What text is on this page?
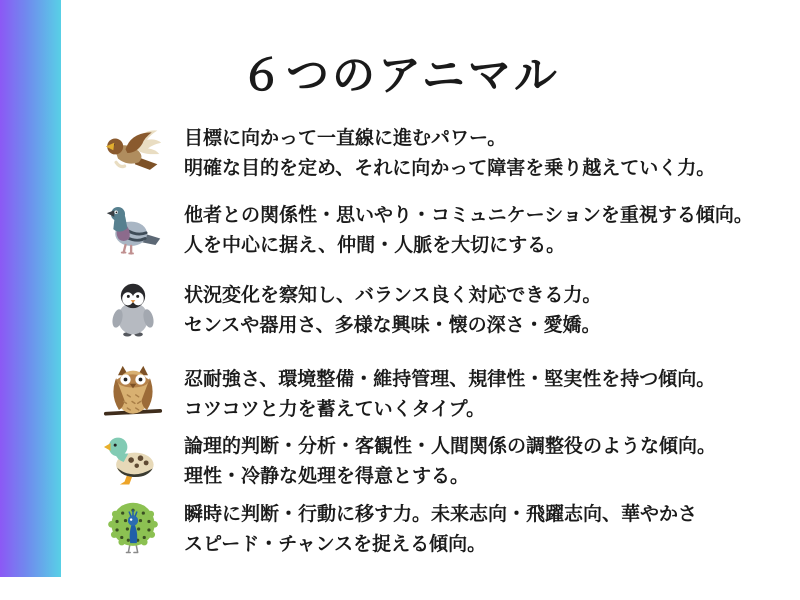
６つのアニマル
目標に向かって一直線に進むパワー。
明確な目的を定め、それに向かって障害を乗り越えていく力。
他者との関係性・思いやり・コミュニケーションを重視する傾向。
人を中心に据え、仲間・人脈を大切にする。
状況変化を察知し、バランス良く対応できる力。
センスや器用さ、多様な興味・懐の深さ・愛嬌。
忍耐強さ、環境整備・維持管理、規律性・堅実性を持つ傾向。
コツコツと力を蓄えていくタイプ。
論理的判断・分析・客観性・人間関係の調整役のような傾向。
理性・冷静な処理を得意とする。
瞬時に判断・行動に移す力。未来志向・飛躍志向、華やかさ
スピード・チャンスを捉える傾向。
